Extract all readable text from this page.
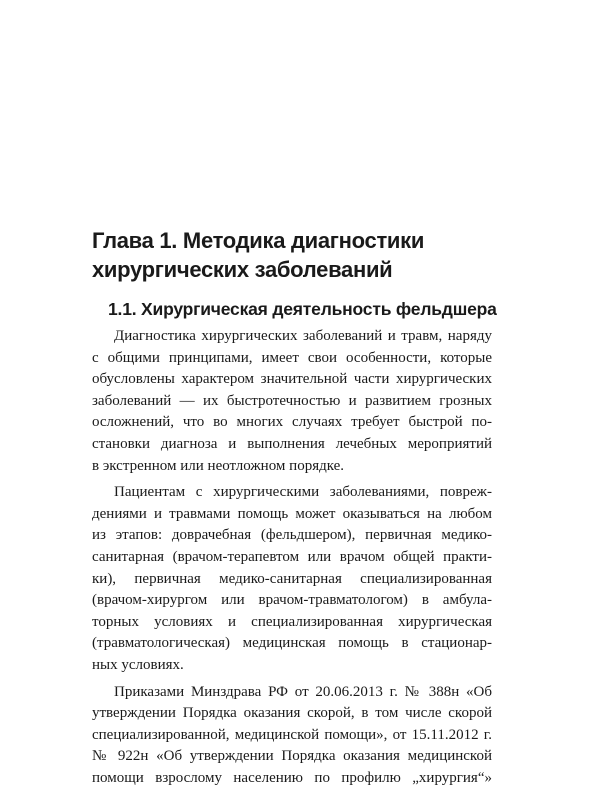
Глава 1. Методика диагностики
хирургических заболеваний
1.1. Хирургическая деятельность фельдшера

Диагностика хирургических заболеваний и травм, наряду
с общими принципами, имеет свои особенности, которые
обусловлены характером значительной части хирургических
заболеваний — их быстротечностью и развитием грозных
осложнений, что во многих случаях требует быстрой по-
становки диагноза и выполнения лечебных мероприятий
в экстренном или неотложном порядке.

Пациентам с хирургическими заболеваниями, повреж-
дениями и травмами помощь может оказываться на любом
из этапов: доврачебная (фельдшером), первичная медико-
санитарная (врачом-терапевтом или врачом общей практи-
ки), первичная медико-санитарная специализированная
(врачом-хирургом или врачом-травматологом) в амбула-
торных условиях и специализированная хирургическая
(травматологическая) медицинская помощь в стационар-
ных условиях.

Приказами Минздрава РФ от 20.06.2013 г. № 388н «Об
утверждении Порядка оказания скорой, в том числе скорой
специализированной, медицинской помощи», от 15.11.2012 г.
№ 922н «Об утверждении Порядка оказания медицинской
помощи взрослому населению по профилю „хирургия“»
